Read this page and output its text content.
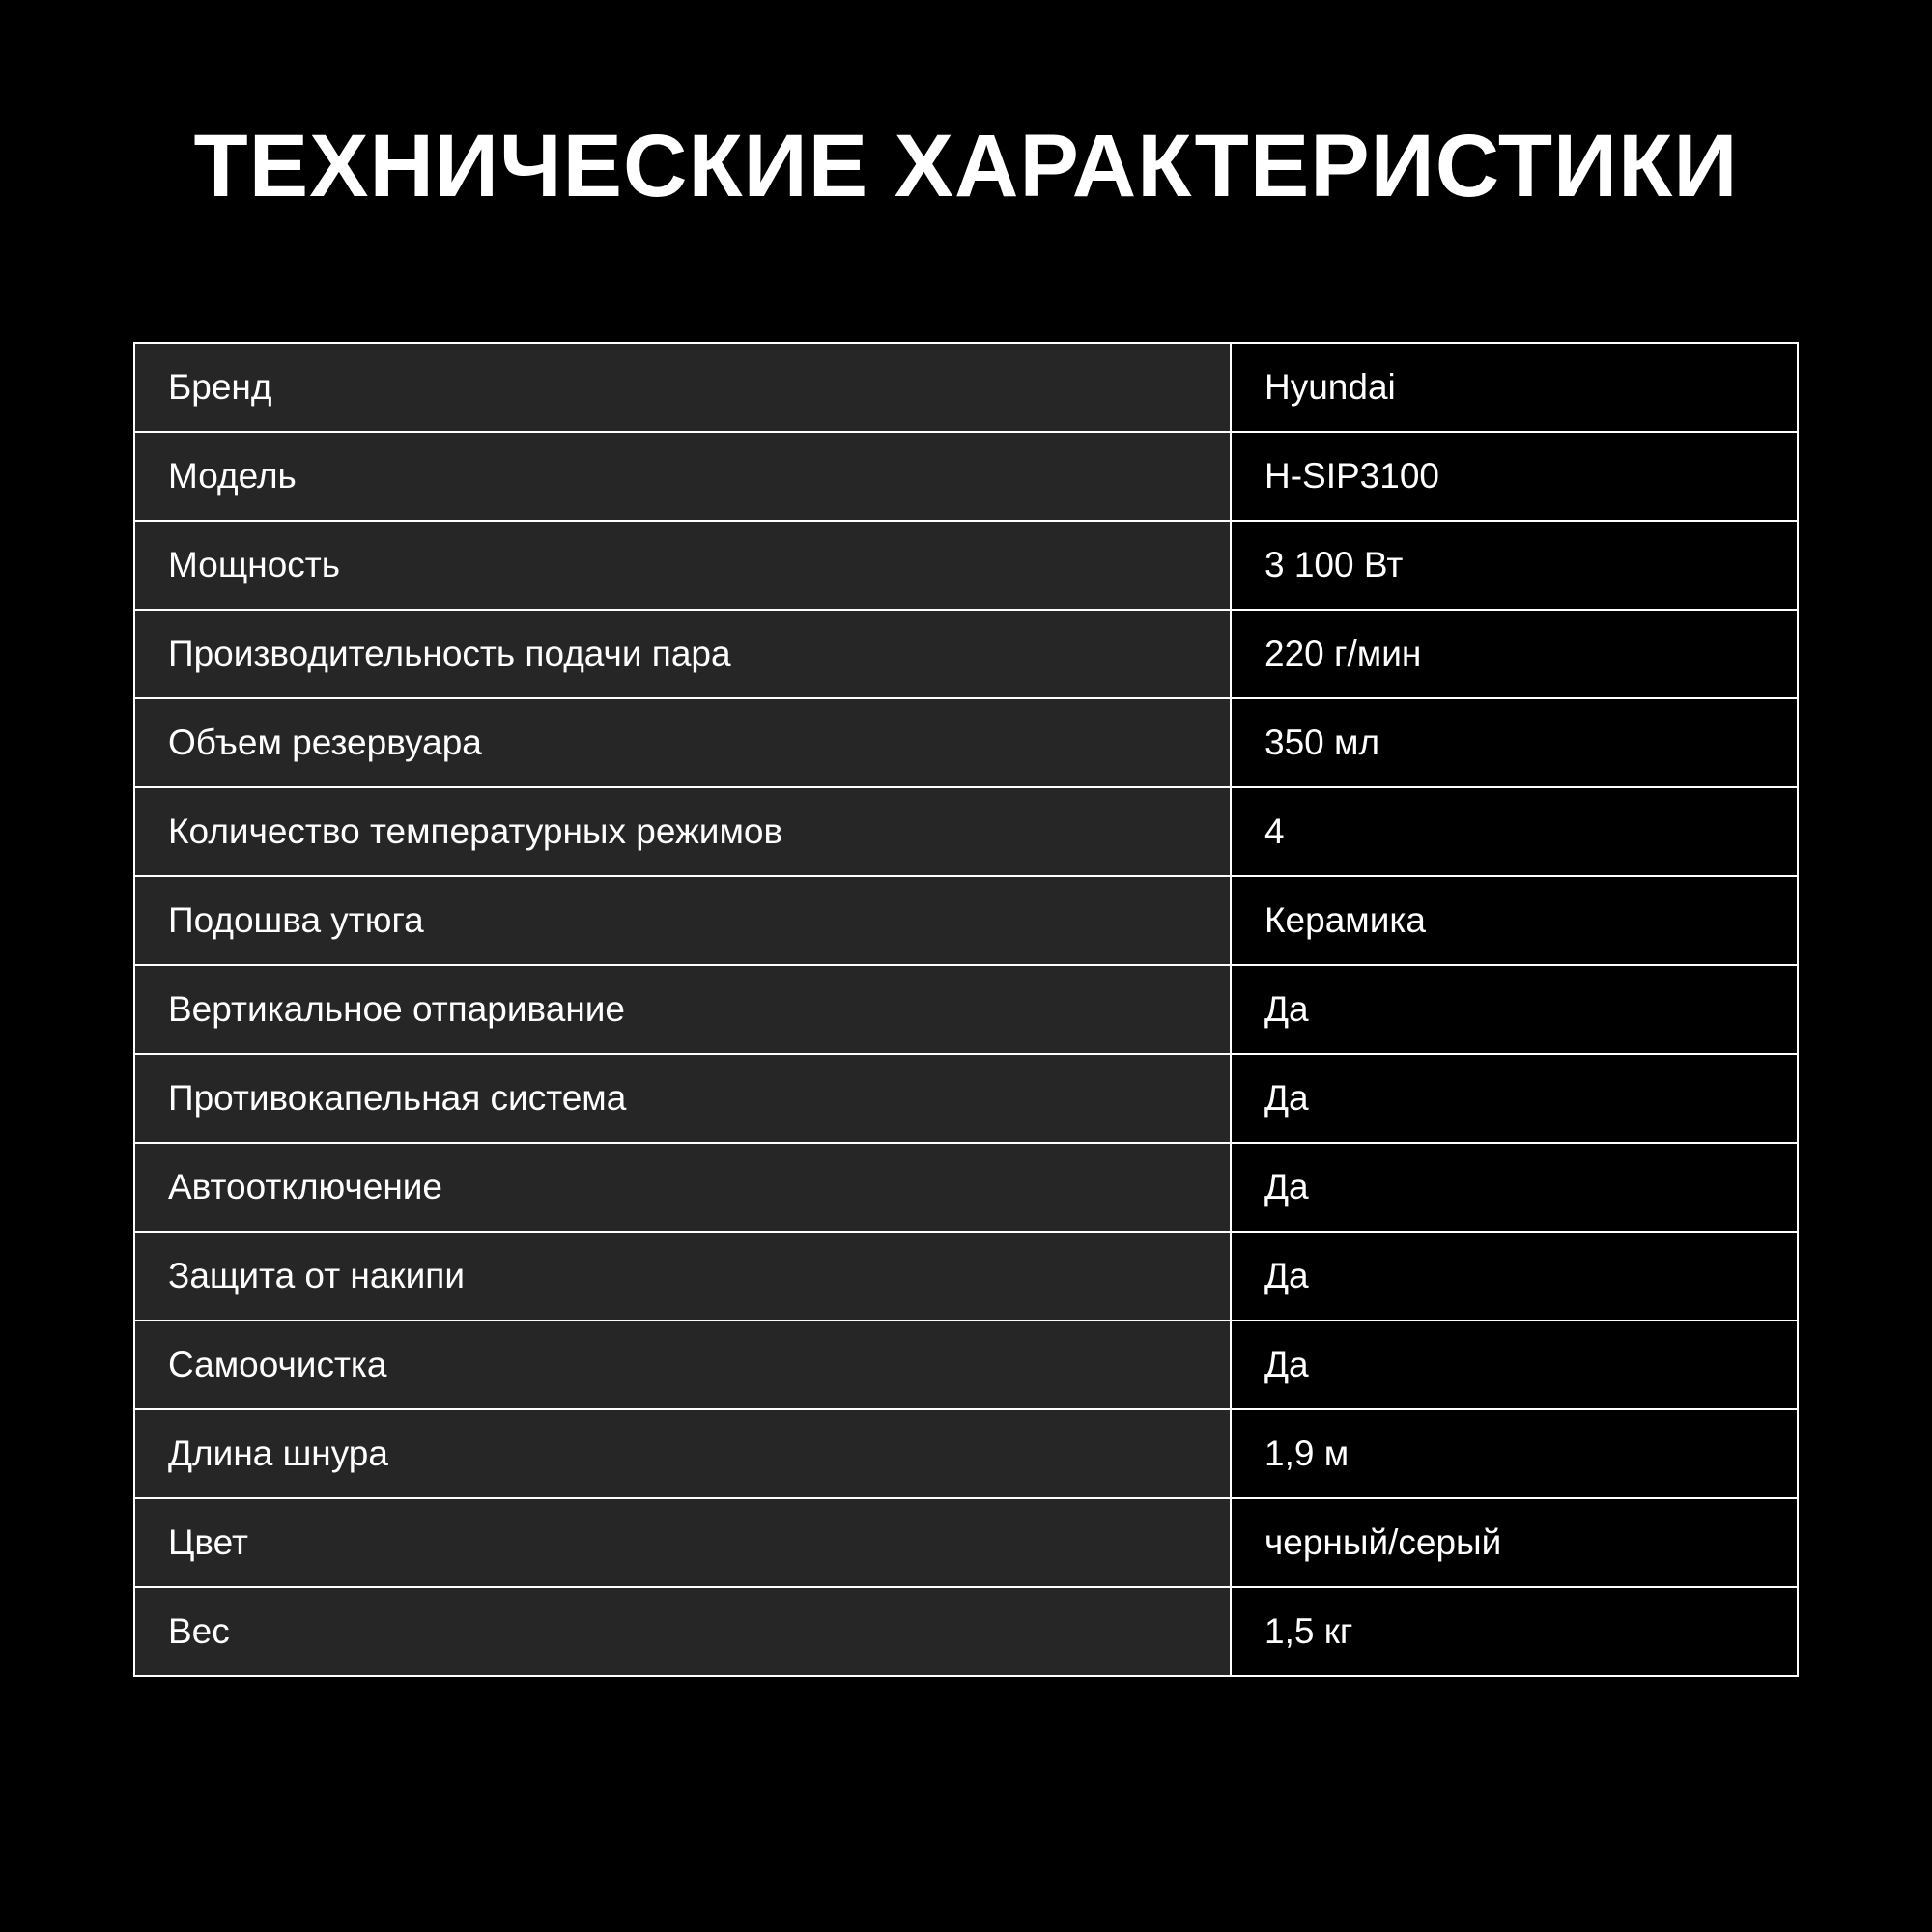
ТЕХНИЧЕСКИЕ ХАРАКТЕРИСТИКИ
Бренд	Hyundai
Модель	H-SIP3100
Мощность	3 100 Вт
Производительность подачи пара	220 г/мин
Объем резервуара	350 мл
Количество температурных режимов	4
Подошва утюга	Керамика
Вертикальное отпаривание	Да
Противокапельная система	Да
Автоотключение	Да
Защита от накипи	Да
Самоочистка	Да
Длина шнура	1,9 м
Цвет	черный/серый
Вес	1,5 кг
